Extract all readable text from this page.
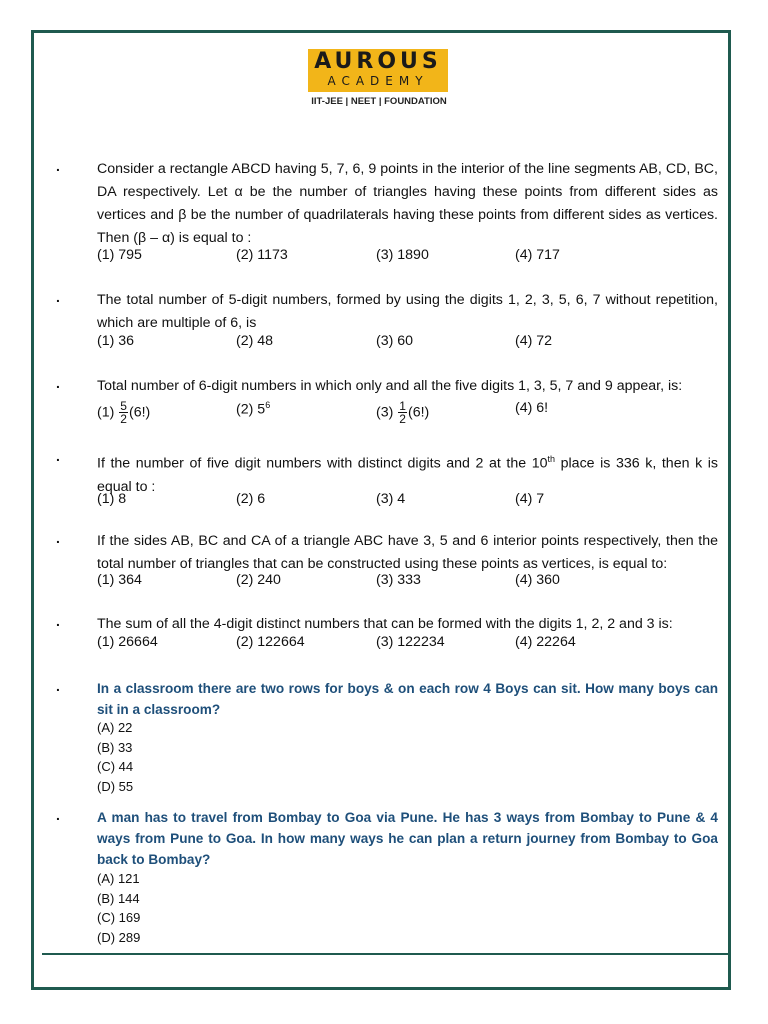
AUROUS
ACADEMY
IIT-JEE | NEET | FOUNDATION
.	Consider a rectangle ABCD having 5, 7, 6, 9 points in the interior of the line segments AB, CD, BC, DA respectively. Let α be the number of triangles having these points from different sides as vertices and β be the number of quadrilaterals having these points from different sides as vertices. Then (β – α) is equal to :
(1) 795	(2) 1173	(3) 1890	(4) 717
.	The total number of 5-digit numbers, formed by using the digits 1, 2, 3, 5, 6, 7 without repetition, which are multiple of 6, is
(1) 36	(2) 48	(3) 60	(4) 72
.	Total number of 6-digit numbers in which only and all the five digits 1, 3, 5, 7 and 9 appear, is:
$(1) \frac{5}{2} (6!)$	(2) $5^6$	$(3) \frac{1}{2} (6!)$	(4) 6!
.	If the number of five digit numbers with distinct digits and 2 at the 10th place is 336 k, then k is equal to :
(1) 8	(2) 6	(3) 4	(4) 7
.	If the sides AB, BC and CA of a triangle ABC have 3, 5 and 6 interior points respectively, then the total number of triangles that can be constructed using these points as vertices, is equal to:
(1) 364	(2) 240	(3) 333	(4) 360
.	The sum of all the 4-digit distinct numbers that can be formed with the digits 1, 2, 2 and 3 is:
(1) 26664	(2) 122664	(3) 122234	(4) 22264
.	In a classroom there are two rows for boys & on each row 4 Boys can sit. How many boys can sit in a classroom?
(A) 22
(B) 33
(C) 44
(D) 55
.	A man has to travel from Bombay to Goa via Pune. He has 3 ways from Bombay to Pune & 4 ways from Pune to Goa. In how many ways he can plan a return journey from Bombay to Goa back to Bombay?
(A) 121
(B) 144
(C) 169
(D) 289
